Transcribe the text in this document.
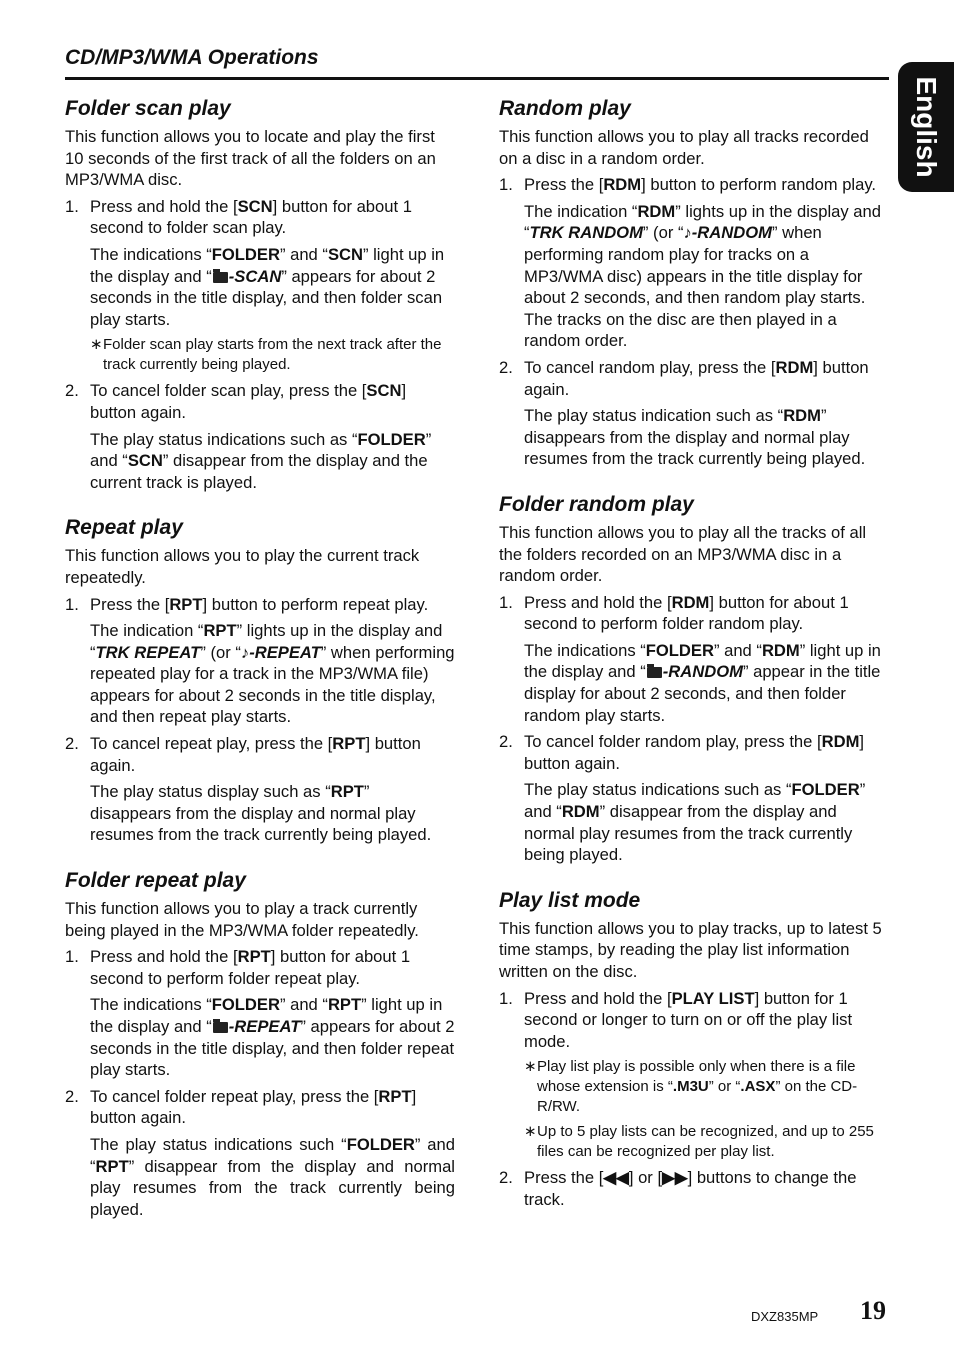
CD/MP3/WMA Operations
English
Folder scan play

This function allows you to locate and play the first 10 seconds of the first track of all the folders on an MP3/WMA disc.

1. Press and hold the [SCN] button for about 1 second to folder scan play.

The indications “FOLDER” and “SCN” light up in the display and “ -SCAN” appears for about 2 seconds in the title display, and then folder scan play starts.

∗ Folder scan play starts from the next track after the track currently being played.

2. To cancel folder scan play, press the [SCN] button again.

The play status indications such as “FOLDER” and “SCN” disappear from the display and the current track is played.

Repeat play

This function allows you to play the current track repeatedly.

1. Press the [RPT] button to perform repeat play.

The indication “RPT” lights up in the display and “TRK REPEAT” (or “♪-REPEAT” when performing repeated play for a track in the MP3/WMA file) appears for about 2 seconds in the title display, and then repeat play starts.

2. To cancel repeat play, press the [RPT] button again.

The play status display such as “RPT” disappears from the display and normal play resumes from the track currently being played.

Folder repeat play

This function allows you to play a track currently being played in the MP3/WMA folder repeatedly.

1. Press and hold the [RPT] button for about 1 second to perform folder repeat play.

The indications “FOLDER” and “RPT” light up in the display and “ -REPEAT” appears for about 2 seconds in the title display, and then folder repeat play starts.

2. To cancel folder repeat play, press the [RPT] button again.

The play status indications such “FOLDER” and “RPT” disappear from the display and normal play resumes from the track currently being played.

Random play

This function allows you to play all tracks recorded on a disc in a random order.

1. Press the [RDM] button to perform random play.

The indication “RDM” lights up in the display and “TRK RANDOM” (or “♪-RANDOM” when performing random play for tracks on a MP3/WMA disc) appears in the title display for about 2 seconds, and then random play starts. The tracks on the disc are then played in a random order.

2. To cancel random play, press the [RDM] button again.

The play status indication such as “RDM” disappears from the display and normal play resumes from the track currently being played.

Folder random play

This function allows you to play all the tracks of all the folders recorded on an MP3/WMA disc in a random order.

1. Press and hold the [RDM] button for about 1 second to perform folder random play.

The indications “FOLDER” and “RDM” light up in the display and “ -RANDOM” appear in the title display for about 2 seconds, and then folder random play starts.

2. To cancel folder random play, press the [RDM] button again.

The play status indications such as “FOLDER” and “RDM” disappear from the display and normal play resumes from the track currently being played.

Play list mode

This function allows you to play tracks, up to latest 5 time stamps, by reading the play list information written on the disc.

1. Press and hold the [PLAY LIST] button for 1 second or longer to turn on or off the play list mode.

∗ Play list play is possible only when there is a file whose extension is “.M3U” or “.ASX” on the CD-R/RW.

∗ Up to 5 play lists can be recognized, and up to 255 files can be recognized per play list.

2. Press the [◀◀] or [▶▶] buttons to change the track.

DXZ835MP 19
